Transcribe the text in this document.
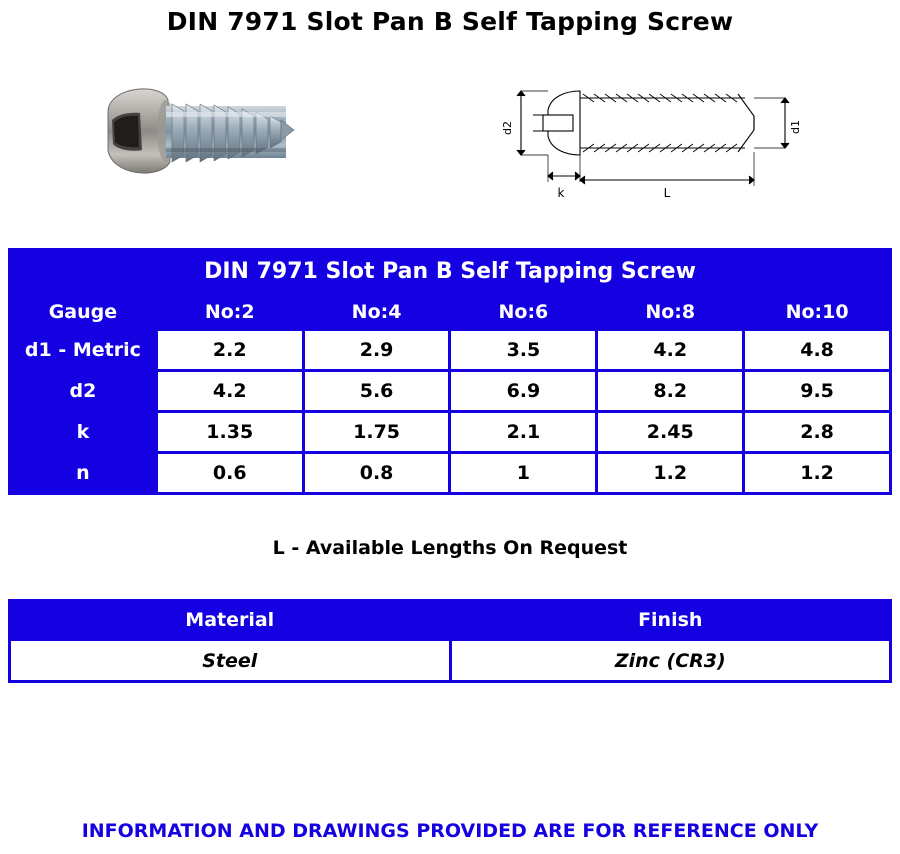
DIN 7971 Slot Pan B Self Tapping Screw
d2	d1
k	L
DIN 7971 Slot Pan B Self Tapping Screw					
Gauge	No:2	No:4	No:6	No:8	No:10
d1 - Metric	2.2	2.9	3.5	4.2	4.8
d2	4.2	5.6	6.9	8.2	9.5
k	1.35	1.75	2.1	2.45	2.8
n	0.6	0.8	1	1.2	1.2
L - Available Lengths On Request
Material	Finish
Steel	Zinc (CR3)
INFORMATION AND DRAWINGS PROVIDED ARE FOR REFERENCE ONLY
